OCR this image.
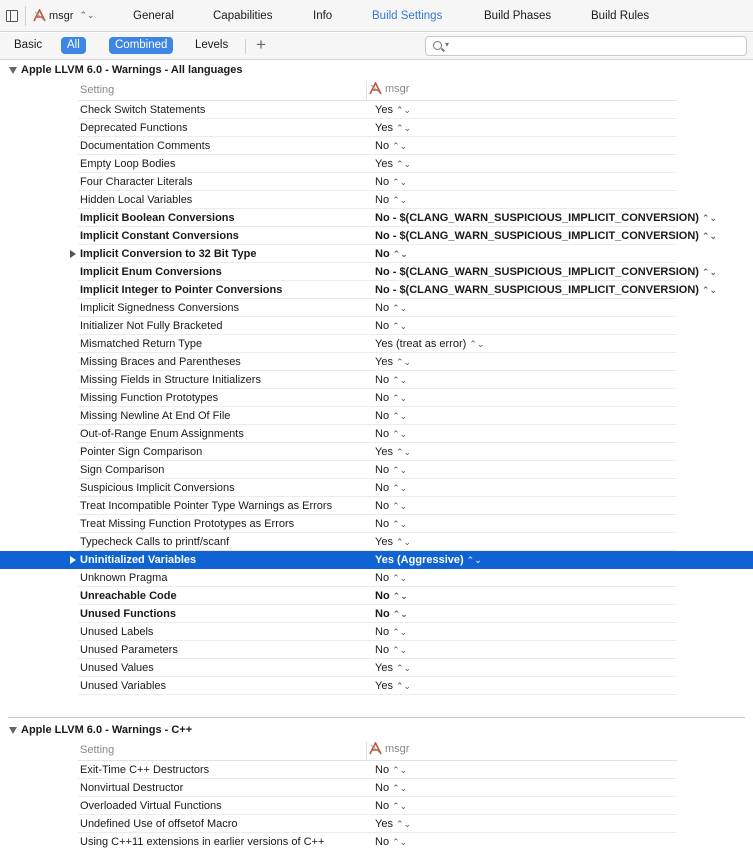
msgr ⌃⌄	General	Capabilities	Info	Build Settings	Build Phases	Build Rules
Basic	All	Combined	Levels	+	▾
Apple LLVM 6.0 - Warnings - All languages
Setting	msgr
Check Switch Statements	Yes ⌃⌄
Deprecated Functions	Yes ⌃⌄
Documentation Comments	No ⌃⌄
Empty Loop Bodies	Yes ⌃⌄
Four Character Literals	No ⌃⌄
Hidden Local Variables	No ⌃⌄
Implicit Boolean Conversions	No - $(CLANG_WARN_SUSPICIOUS_IMPLICIT_CONVERSION) ⌃⌄
Implicit Constant Conversions	No - $(CLANG_WARN_SUSPICIOUS_IMPLICIT_CONVERSION) ⌃⌄
Implicit Conversion to 32 Bit Type	No ⌃⌄
Implicit Enum Conversions	No - $(CLANG_WARN_SUSPICIOUS_IMPLICIT_CONVERSION) ⌃⌄
Implicit Integer to Pointer Conversions	No - $(CLANG_WARN_SUSPICIOUS_IMPLICIT_CONVERSION) ⌃⌄
Implicit Signedness Conversions	No ⌃⌄
Initializer Not Fully Bracketed	No ⌃⌄
Mismatched Return Type	Yes (treat as error) ⌃⌄
Missing Braces and Parentheses	Yes ⌃⌄
Missing Fields in Structure Initializers	No ⌃⌄
Missing Function Prototypes	No ⌃⌄
Missing Newline At End Of File	No ⌃⌄
Out-of-Range Enum Assignments	No ⌃⌄
Pointer Sign Comparison	Yes ⌃⌄
Sign Comparison	No ⌃⌄
Suspicious Implicit Conversions	No ⌃⌄
Treat Incompatible Pointer Type Warnings as Errors	No ⌃⌄
Treat Missing Function Prototypes as Errors	No ⌃⌄
Typecheck Calls to printf/scanf	Yes ⌃⌄
Uninitialized Variables	Yes (Aggressive) ⌃⌄
Unknown Pragma	No ⌃⌄
Unreachable Code	No ⌃⌄
Unused Functions	No ⌃⌄
Unused Labels	No ⌃⌄
Unused Parameters	No ⌃⌄
Unused Values	Yes ⌃⌄
Unused Variables	Yes ⌃⌄
Apple LLVM 6.0 - Warnings - C++
Setting	msgr
Exit-Time C++ Destructors	No ⌃⌄
Nonvirtual Destructor	No ⌃⌄
Overloaded Virtual Functions	No ⌃⌄
Undefined Use of offsetof Macro	Yes ⌃⌄
Using C++11 extensions in earlier versions of C++	No ⌃⌄
